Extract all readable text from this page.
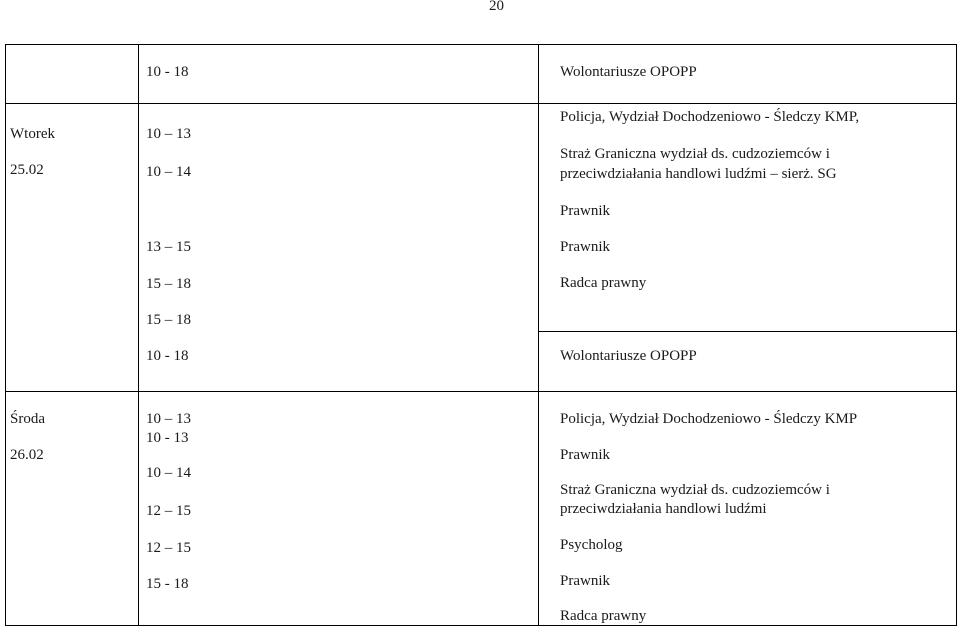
20
10 - 18	Wolontariusze OPOPP
Wtorek
25.02
10 – 13
10 – 14
13 – 15
15 – 18
15 – 18
Policja, Wydział Dochodzeniowo - Śledczy KMP,
Straż Graniczna wydział ds. cudzoziemców i
przeciwdziałania handlowi ludźmi – sierż. SG
Prawnik
Prawnik
Radca prawny
10 - 18	Wolontariusze OPOPP
Środa
26.02
10 – 13
10 - 13
10 – 14
12 – 15
12 – 15
15 - 18
Policja, Wydział Dochodzeniowo - Śledczy KMP
Prawnik
Straż Graniczna wydział ds. cudzoziemców i
przeciwdziałania handlowi ludźmi
Psycholog
Prawnik
Radca prawny
